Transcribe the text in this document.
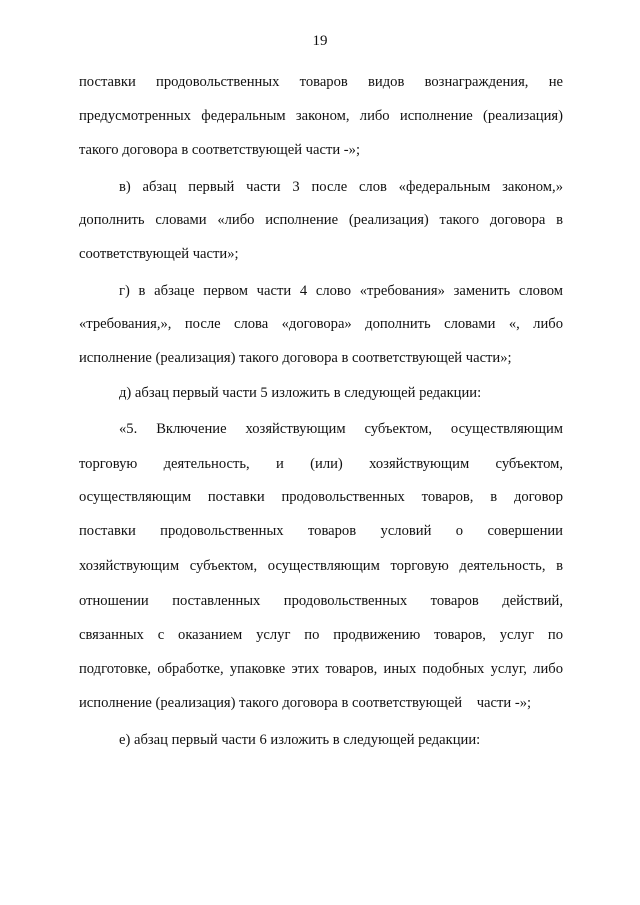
19
поставки продовольственных товаров видов вознаграждения, не
предусмотренных федеральным законом, либо исполнение (реализация)
такого договора в соответствующей части -»;
в) абзац первый части 3 после слов «федеральным законом,»
дополнить словами «либо исполнение (реализация) такого договора в
соответствующей части»;
г) в абзаце первом части 4 слово «требования» заменить словом
«требования,», после слова «договора» дополнить словами «, либо
исполнение (реализация) такого договора в соответствующей части»;
д) абзац первый части 5 изложить в следующей редакции:
«5. Включение хозяйствующим субъектом, осуществляющим
торговую деятельность, и (или) хозяйствующим субъектом,
осуществляющим поставки продовольственных товаров, в договор
поставки продовольственных товаров условий о совершении
хозяйствующим субъектом, осуществляющим торговую деятельность, в
отношении поставленных продовольственных товаров действий,
связанных с оказанием услуг по продвижению товаров, услуг по
подготовке, обработке, упаковке этих товаров, иных подобных услуг, либо
исполнение (реализация) такого договора в соответствующей    части -»;
е) абзац первый части 6 изложить в следующей редакции:
